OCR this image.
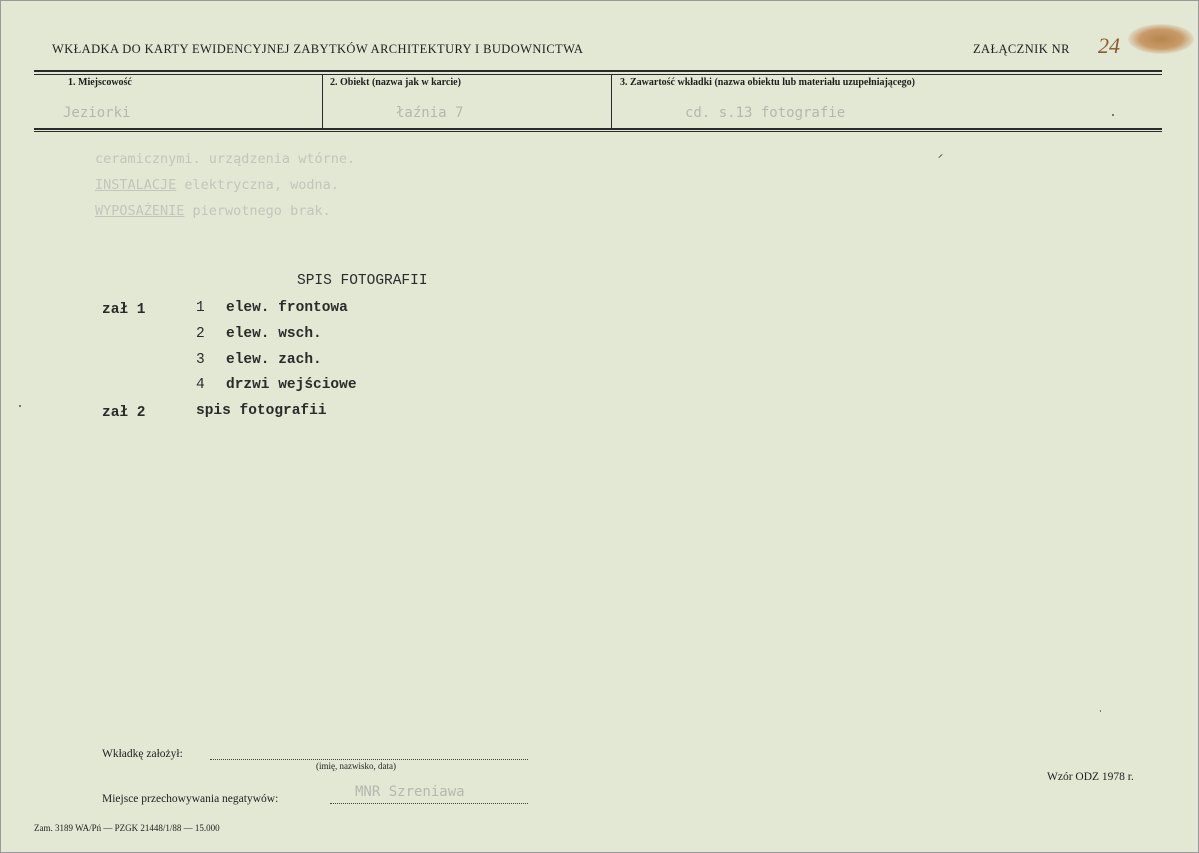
WKŁADKA DO KARTY EWIDENCYJNEJ ZABYTKÓW ARCHITEKTURY I BUDOWNICTWA	ZAŁĄCZNIK NR 24
1. Miejscowość	2. Obiekt (nazwa jak w karcie)	3. Zawartość wkładki (nazwa obiektu lub materiału uzupełniającego)
Jeziorki	łaźnia 7	cd. s.13 fotografie
ceramicznymi. urządzenia wtórne.
INSTALACJE elektryczna, wodna.
WYPOSAŻENIE pierwotnego brak.
SPIS FOTOGRAFII
zał 1	1 elew. frontowa
2 elew. wsch.
3 elew. zach.
4 drzwi wejściowe
zał 2	spis fotografii
Wkładkę założył:
(imię, nazwisko, data)
Wzór ODZ 1978 r.
Miejsce przechowywania negatywów:	MNR Szreniawa
Zam. 3189 WA/Pń — PZGK 21448/1/88 — 15.000
